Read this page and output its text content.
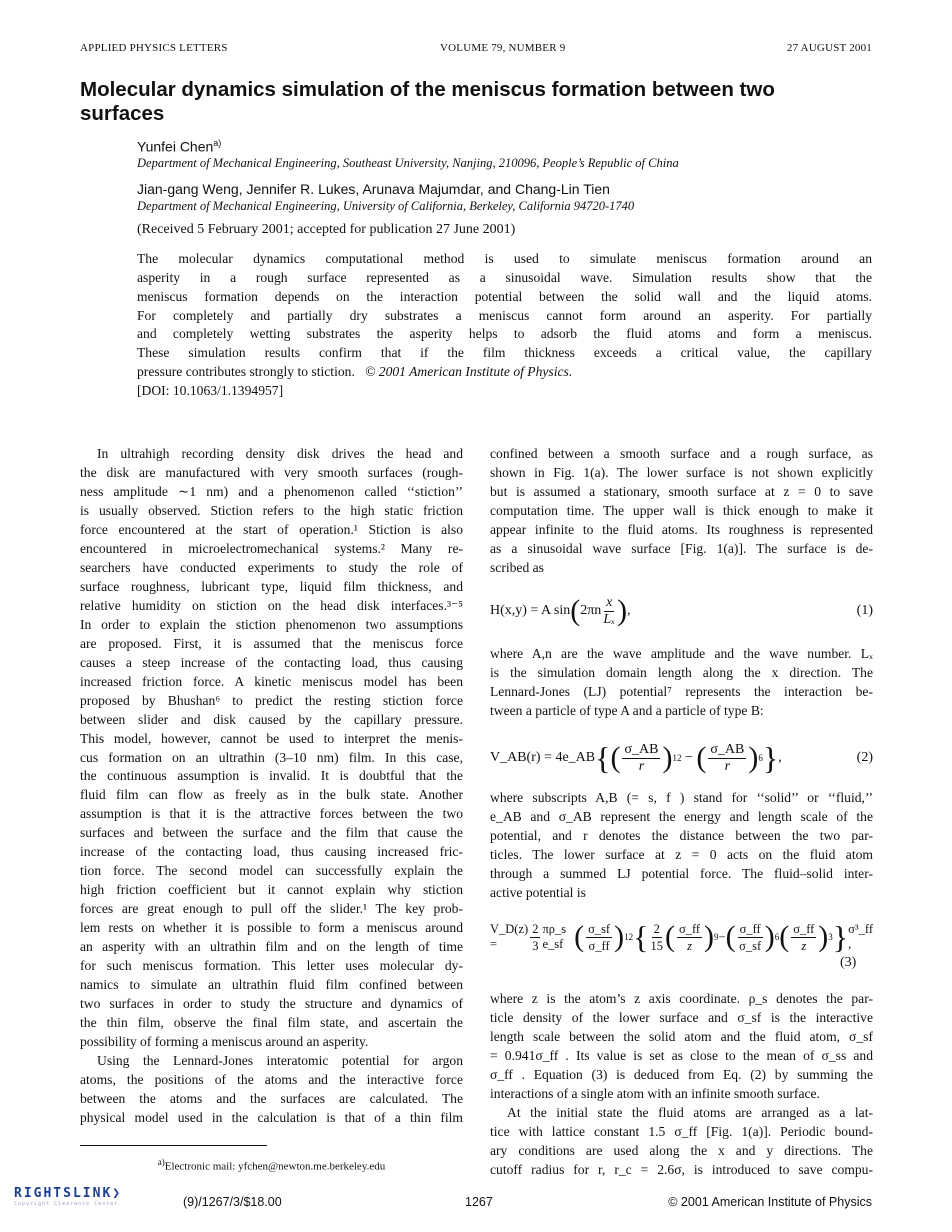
APPLIED PHYSICS LETTERS	VOLUME 79, NUMBER 9	27 AUGUST 2001
Molecular dynamics simulation of the meniscus formation between two surfaces
Yunfei Chen$^{a)}$
Department of Mechanical Engineering, Southeast University, Nanjing, 210096, People’s Republic of China
Jian-gang Weng, Jennifer R. Lukes, Arunava Majumdar, and Chang-Lin Tien
Department of Mechanical Engineering, University of California, Berkeley, California 94720-1740
(Received 5 February 2001; accepted for publication 27 June 2001)
The molecular dynamics computational method is used to simulate meniscus formation around an
asperity in a rough surface represented as a sinusoidal wave. Simulation results show that the
meniscus formation depends on the interaction potential between the solid wall and the liquid atoms.
For completely and partially dry substrates a meniscus cannot form around an asperity. For partially
and completely wetting substrates the asperity helps to adsorb the fluid atoms and form a meniscus.
These simulation results confirm that if the film thickness exceeds a critical value, the capillary
pressure contributes strongly to stiction. © 2001 American Institute of Physics.
[DOI: 10.1063/1.1394957]
In ultrahigh recording density disk drives the head and
the disk are manufactured with very smooth surfaces (rough-
ness amplitude ∼1 nm) and a phenomenon called ‘‘stiction’’
is usually observed. Stiction refers to the high static friction
force encountered at the start of operation.¹ Stiction is also
encountered in microelectromechanical systems.² Many re-
searchers have conducted experiments to study the role of
surface roughness, lubricant type, liquid film thickness, and
relative humidity on stiction on the head disk interfaces.³⁻⁵
In order to explain the stiction phenomenon two assumptions
are proposed. First, it is assumed that the meniscus force
causes a steep increase of the contacting load, thus causing
increased friction force. A kinetic meniscus model has been
proposed by Bhushan⁶ to predict the resting stiction force
between slider and disk caused by the capillary pressure.
This model, however, cannot be used to interpret the menis-
cus formation on an ultrathin (3–10 nm) film. In this case,
the continuous assumption is invalid. It is doubtful that the
fluid film can flow as freely as in the bulk state. Another
assumption is that it is the attractive forces between the two
surfaces and between the surface and the film that cause the
increase of the contacting load, thus causing increased fric-
tion force. The second model can successfully explain the
high friction coefficient but it cannot explain why stiction
forces are great enough to pull off the slider.¹ The key prob-
lem rests on whether it is possible to form a meniscus around
an asperity with an ultrathin film and on the length of time
for such meniscus formation. This letter uses molecular dy-
namics to simulate an ultrathin fluid film confined between
two surfaces in order to study the structure and dynamics of
the thin film, observe the final film state, and ascertain the
possibility of forming a meniscus around an asperity.
Using the Lennard-Jones interatomic potential for argon
atoms, the positions of the atoms and the interactive force
between the atoms and the surfaces are calculated. The
physical model used in the calculation is that of a thin film
confined between a smooth surface and a rough surface, as
shown in Fig. 1(a). The lower surface is not shown explicitly
but is assumed a stationary, smooth surface at z = 0 to save
computation time. The upper wall is thick enough to make it
appear infinite to the fluid atoms. Its roughness is represented
as a sinusoidal wave surface [Fig. 1(a)]. The surface is de-
scribed as
H(x,y) = A sin ( $2\pi n \frac{x}{\text{Lₓ}}$ ) ,	(1)
where A,n are the wave amplitude and the wave number. Lₓ
is the simulation domain length along the x direction. The
Lennard-Jones (LJ) potential⁷ represents the interaction be-
tween a particle of type A and a particle of type B:
V_AB(r) = 4e_AB { ( $\frac{\sigma\_AB}{r}$ ) 12
−
( $\frac{\sigma\_AB}{r}$ ) 6 } ,	(2)
where subscripts A,B (= s, f ) stand for ‘‘solid’’ or ‘‘fluid,’’
e_AB and σ_AB represent the energy and length scale of the
potential, and r denotes the distance between the two par-
ticles. The lower surface at z = 0 acts on the fluid atom
through a summed LJ potential force. The fluid–solid inter-
active potential is
V_D(z) =	$\frac{2}{3}$ πρ_s e_sf ( $\frac{\sigma\_sf}{\sigma\_ff}$ ) 12 { $\frac{2}{15}$ ( $\frac{\sigma\_ff}{z}$ ) 9 − ( $\frac{\sigma\_ff}{\sigma\_sf}$ ) 6 ( $\frac{\sigma\_ff}{z}$ ) 3 } σ³_ff ,
(3)
where z is the atom’s z axis coordinate. ρ_s denotes the par-
ticle density of the lower surface and σ_sf is the interactive
length scale between the solid atom and the fluid atom, σ_sf
= 0.941σ_ff . Its value is set as close to the mean of σ_ss and
σ_ff . Equation (3) is deduced from Eq. (2) by summing the
interactions of a single atom with an infinite smooth surface.
At the initial state the fluid atoms are arranged as a lat-
tice with lattice constant 1.5 σ_ff [Fig. 1(a)]. Periodic bound-
ary conditions are used along the x and y directions. The
cutoff radius for r, r_c = 2.6σ, is introduced to save compu-
$^{a)}$Electronic mail: yfchen@newton.me.berkeley.edu
RIGHTSLINK❯
Copyright Clearance Center	(9)/1267/3/$18.00	1267	© 2001 American Institute of Physics
